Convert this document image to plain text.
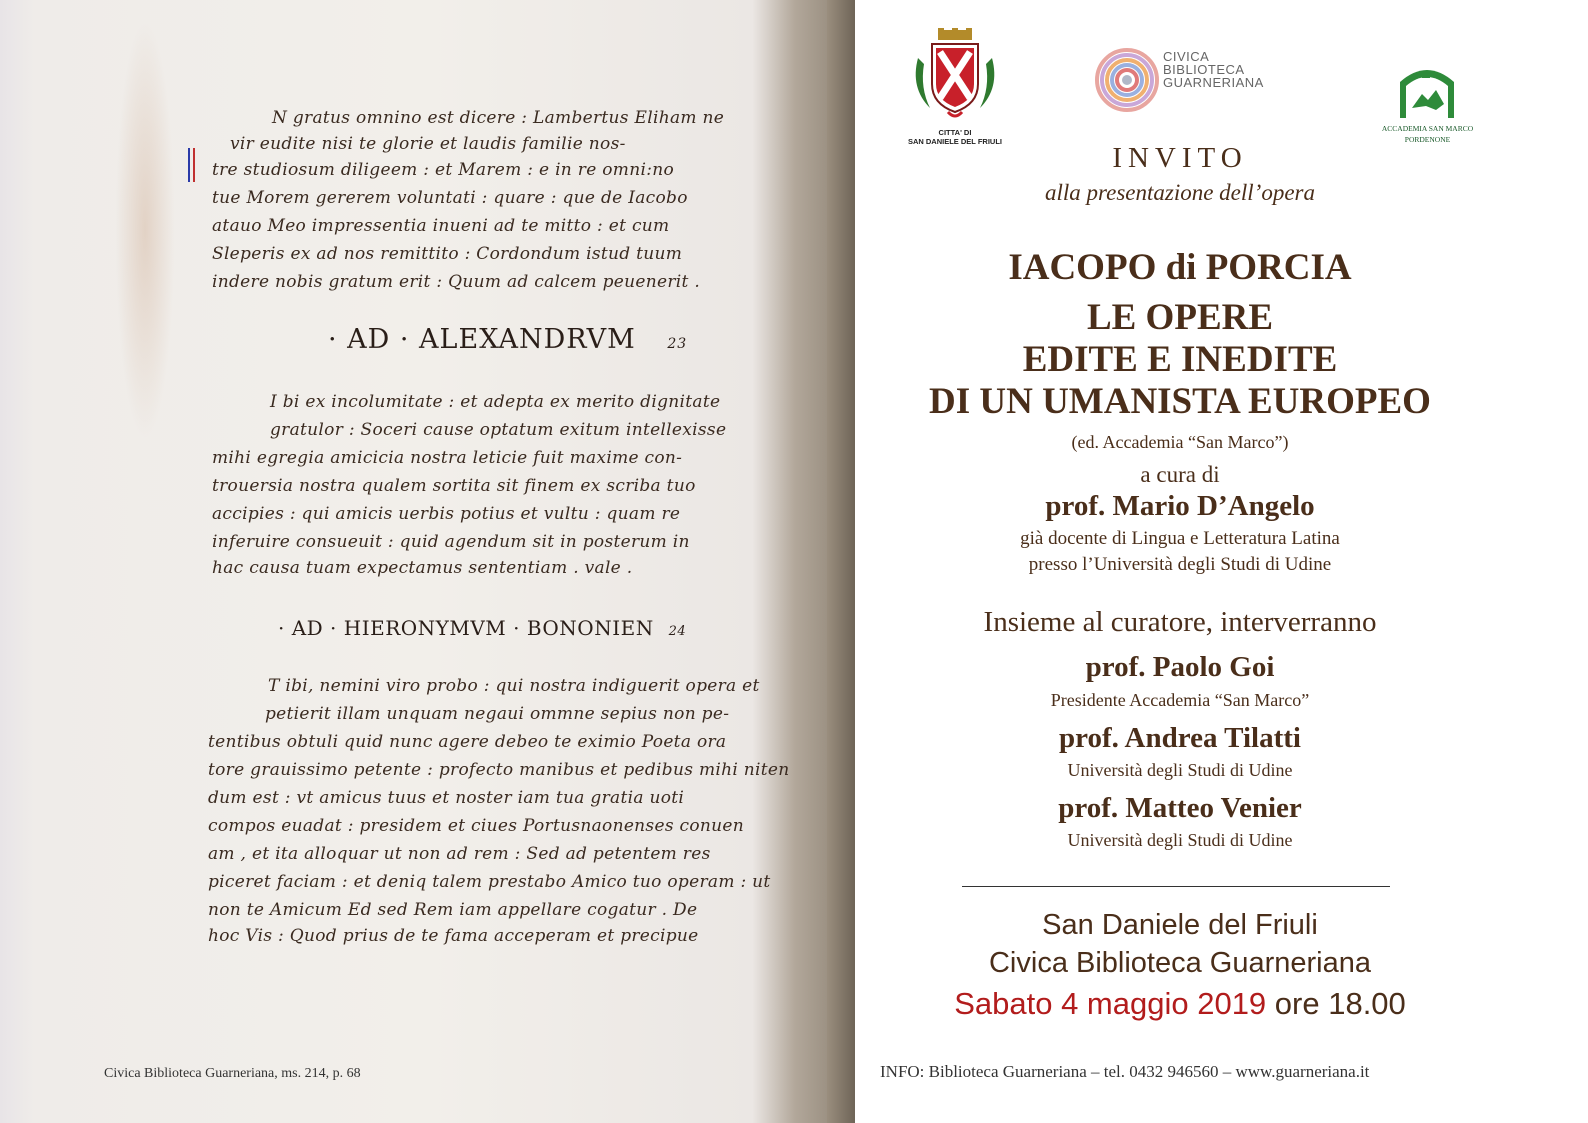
N gratus omnino est dicere : Lambertus Eliham ne
vir eudite nisi te glorie et laudis familie nos-
tre studiosum diligeem : et Marem : e in re omni:no
tue Morem gererem voluntati : quare : que de Iacobo
atauo Meo impressentia inueni ad te mitto : et cum
Sleperis ex ad nos remittito : Cordondum istud tuum
indere nobis gratum erit : Quum ad calcem peuenerit .
· AD · ALEXANDRVM 23
I bi ex incolumitate : et adepta ex merito dignitate
gratulor : Soceri cause optatum exitum intellexisse
mihi egregia amicicia nostra leticie fuit maxime con-
trouersia nostra qualem sortita sit finem ex scriba tuo
accipies : qui amicis uerbis potius et vultu : quam re
inferuire consueuit : quid agendum sit in posterum in
hac causa tuam expectamus sententiam . vale .
· AD · HIERONYMVM · BONONIEN 24
T ibi, nemini viro probo : qui nostra indiguerit opera et
petierit illam unquam negaui ommne sepius non pe-
tentibus obtuli quid nunc agere debeo te eximio Poeta ora
tore grauissimo petente : profecto manibus et pedibus mihi niten
dum est : vt amicus tuus et noster iam tua gratia uoti
compos euadat : presidem et ciues Portusnaonenses conuen
am , et ita alloquar ut non ad rem : Sed ad petentem res
piceret faciam : et deniq talem prestabo Amico tuo operam : ut
non te Amicum Ed sed Rem iam appellare cogatur . De
hoc Vis : Quod prius de te fama acceperam et precipue
Civica Biblioteca Guarneriana, ms. 214, p. 68
CITTA' DI
SAN DANIELE DEL FRIULI
CIVICA
BIBLIOTECA
GUARNERIANA
ACCADEMIA SAN MARCO
PORDENONE
INVITO
alla presentazione dell’opera
IACOPO di PORCIA
LE OPERE
EDITE E INEDITE
DI UN UMANISTA EUROPEO
(ed. Accademia “San Marco”)
a cura di
prof. Mario D’Angelo
già docente di Lingua e Letteratura Latina
presso l’Università degli Studi di Udine
Insieme al curatore, interverranno
prof. Paolo Goi
Presidente Accademia “San Marco”
prof. Andrea Tilatti
Università degli Studi di Udine
prof. Matteo Venier
Università degli Studi di Udine
San Daniele del Friuli
Civica Biblioteca Guarneriana
Sabato 4 maggio 2019 ore 18.00
INFO: Biblioteca Guarneriana – tel. 0432 946560 – www.guarneriana.it
